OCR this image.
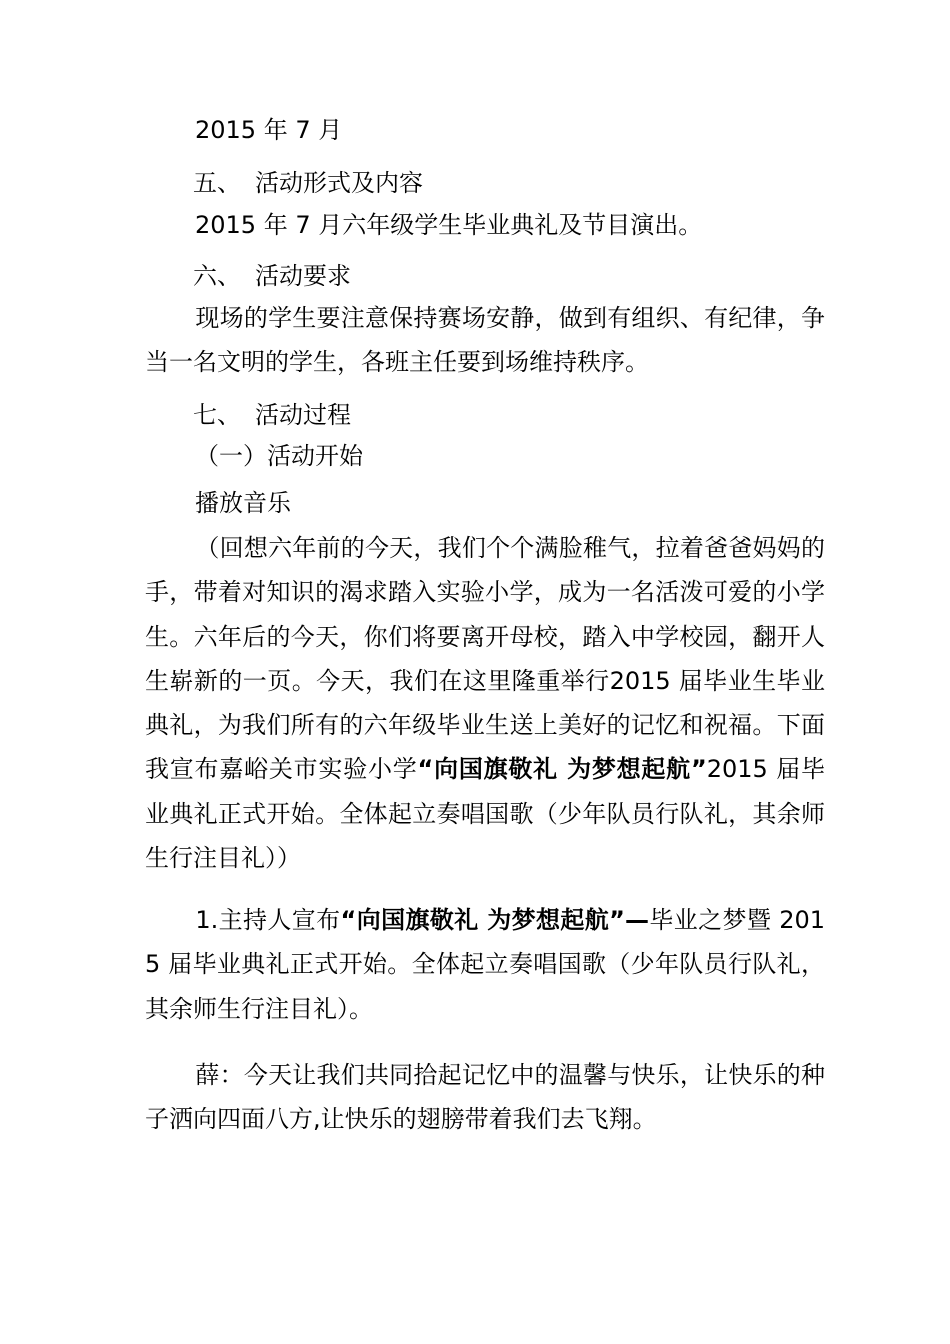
2015 年 7 月
五、 活动形式及内容
2015 年 7 月六年级学生毕业典礼及节目演出。
六、 活动要求
现场的学生要注意保持赛场安静，做到有组织、有纪律，争当一名文明的学生，各班主任要到场维持秩序。
七、 活动过程
（一）活动开始
播放音乐
（回想六年前的今天，我们个个满脸稚气，拉着爸爸妈妈的手，带着对知识的渴求踏入实验小学，成为一名活泼可爱的小学生。六年后的今天，你们将要离开母校，踏入中学校园，翻开人生崭新的一页。今天，我们在这里隆重举行2015 届毕业生毕业典礼，为我们所有的六年级毕业生送上美好的记忆和祝福。下面我宣布嘉峪关市实验小学“向国旗敬礼 为梦想起航”2015 届毕业典礼正式开始。全体起立奏唱国歌（少年队员行队礼，其余师生行注目礼））
1.主持人宣布“向国旗敬礼 为梦想起航”—毕业之梦暨 2015 届毕业典礼正式开始。全体起立奏唱国歌（少年队员行队礼，其余师生行注目礼）。
薛：今天让我们共同拾起记忆中的温馨与快乐，让快乐的种子洒向四面八方,让快乐的翅膀带着我们去飞翔。
